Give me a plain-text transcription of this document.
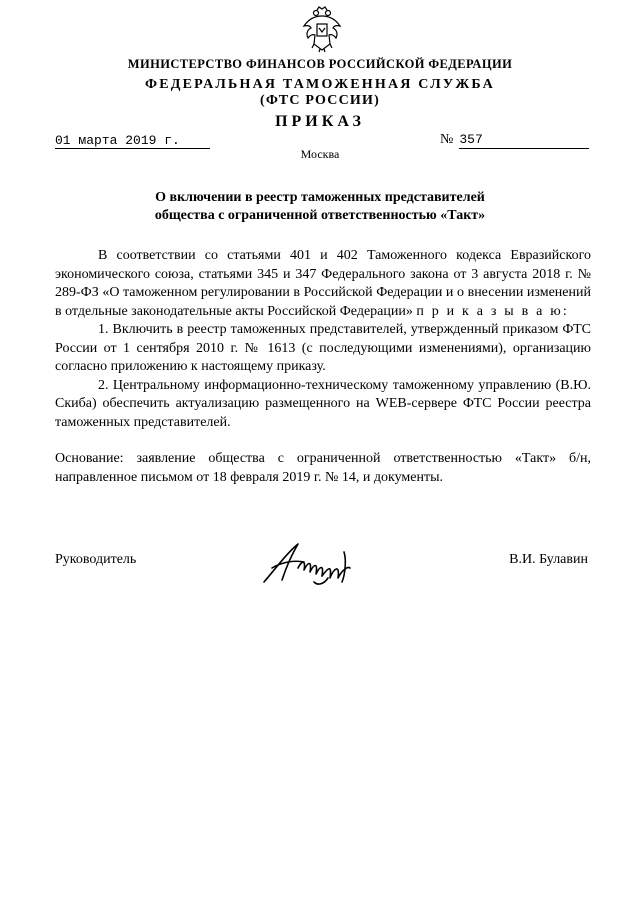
МИНИСТЕРСТВО ФИНАНСОВ РОССИЙСКОЙ ФЕДЕРАЦИИ
ФЕДЕРАЛЬНАЯ ТАМОЖЕННАЯ СЛУЖБА
(ФТС РОССИИ)
ПРИКАЗ
01 марта 2019 г.	№ 357
Москва
О включении в реестр таможенных представителей
общества с ограниченной ответственностью «Такт»

В соответствии со статьями 401 и 402 Таможенного кодекса Евразийского экономического союза, статьями 345 и 347 Федерального закона от 3 августа 2018 г. № 289-ФЗ «О таможенном регулировании в Российской Федерации и о внесении изменений в отдельные законодательные акты Российской Федерации» п р и к а з ы в а ю:

1. Включить в реестр таможенных представителей, утвержденный приказом ФТС России от 1 сентября 2010 г. № 1613 (с последующими изменениями), организацию согласно приложению к настоящему приказу.

2. Центральному информационно-техническому таможенному управлению (В.Ю. Скиба) обеспечить актуализацию размещенного на WEB-сервере ФТС России реестра таможенных представителей.

Основание: заявление общества с ограниченной ответственностью «Такт» б/н, направленное письмом от 18 февраля 2019 г. № 14, и документы.

Руководитель	В.И. Булавин
